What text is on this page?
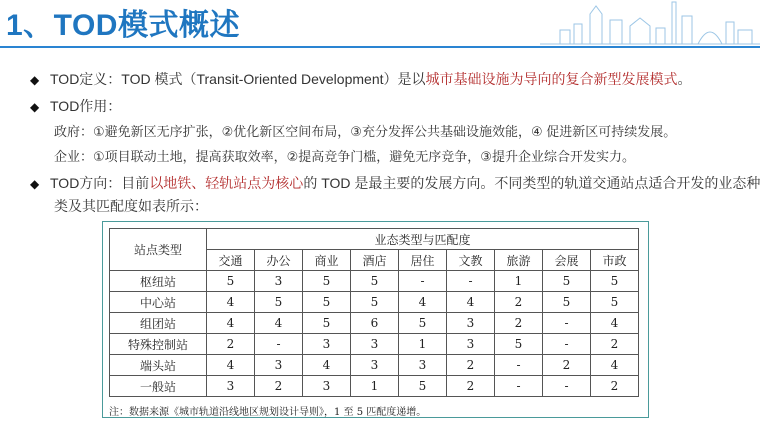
1、TOD模式概述
◆ TOD定义：TOD 模式（Transit-Oriented Development）是以城市基础设施为导向的复合新型发展模式。
◆ TOD作用：
政府：①避免新区无序扩张，②优化新区空间布局，③充分发挥公共基础设施效能，④ 促进新区可持续发展。
企业：①项目联动土地，提高获取效率，②提高竞争门槛，避免无序竞争，③提升企业综合开发实力。
◆ TOD方向：目前以地铁、轻轨站点为核心的 TOD 是最主要的发展方向。不同类型的轨道交通站点适合开发的业态种
类及其匹配度如表所示：
站点类型	业态类型与匹配度								
	交通	办公	商业	酒店	居住	文教	旅游	会展	市政
枢纽站	5	3	5	5	-	-	1	5	5
中心站	4	5	5	5	4	4	2	5	5
组团站	4	4	5	6	5	3	2	-	4
特殊控制站	2	-	3	3	1	3	5	-	2
端头站	4	3	4	3	3	2	-	2	4
一般站	3	2	3	1	5	2	-	-	2
注：数据来源《城市轨道沿线地区规划设计导则》，1 至 5 匹配度递增。
